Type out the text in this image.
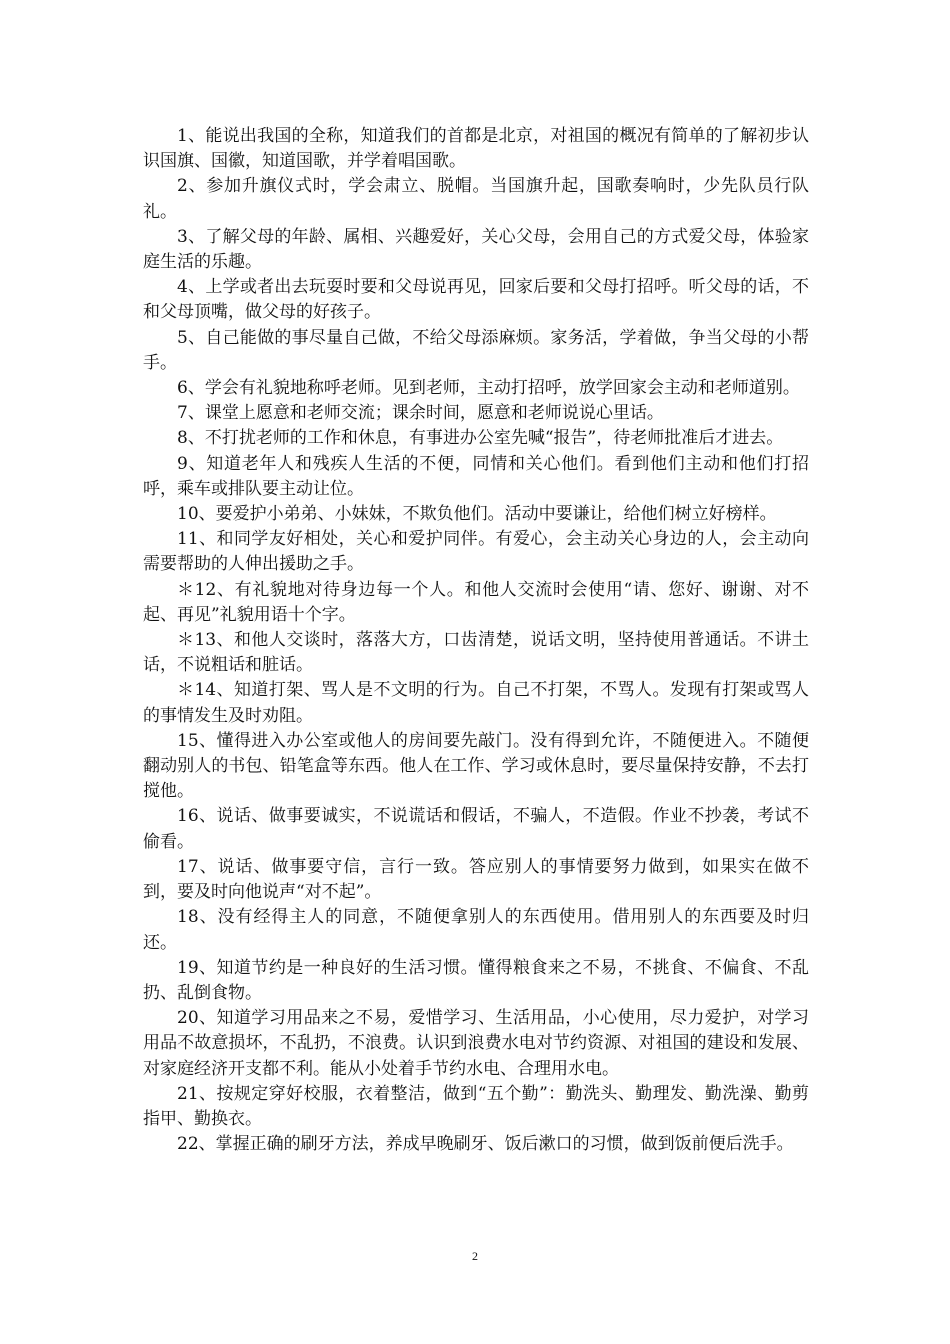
1、能说出我国的全称，知道我们的首都是北京，对祖国的概况有简单的了解初步认识国旗、国徽，知道国歌，并学着唱国歌。

2、参加升旗仪式时，学会肃立、脱帽。当国旗升起，国歌奏响时，少先队员行队礼。

3、了解父母的年龄、属相、兴趣爱好，关心父母，会用自己的方式爱父母，体验家庭生活的乐趣。

4、上学或者出去玩耍时要和父母说再见，回家后要和父母打招呼。听父母的话，不和父母顶嘴，做父母的好孩子。

5、自己能做的事尽量自己做，不给父母添麻烦。家务活，学着做，争当父母的小帮手。

6、学会有礼貌地称呼老师。见到老师，主动打招呼，放学回家会主动和老师道别。

7、课堂上愿意和老师交流；课余时间，愿意和老师说说心里话。

8、不打扰老师的工作和休息，有事进办公室先喊“报告”，待老师批准后才进去。

9、知道老年人和残疾人生活的不便，同情和关心他们。看到他们主动和他们打招呼，乘车或排队要主动让位。

10、要爱护小弟弟、小妹妹，不欺负他们。活动中要谦让，给他们树立好榜样。

11、和同学友好相处，关心和爱护同伴。有爱心，会主动关心身边的人，会主动向需要帮助的人伸出援助之手。

＊12、有礼貌地对待身边每一个人。和他人交流时会使用“请、您好、谢谢、对不起、再见”礼貌用语十个字。

＊13、和他人交谈时，落落大方，口齿清楚，说话文明，坚持使用普通话。不讲土话，不说粗话和脏话。

＊14、知道打架、骂人是不文明的行为。自己不打架，不骂人。发现有打架或骂人的事情发生及时劝阻。

15、懂得进入办公室或他人的房间要先敲门。没有得到允许，不随便进入。不随便翻动别人的书包、铅笔盒等东西。他人在工作、学习或休息时，要尽量保持安静，不去打搅他。

16、说话、做事要诚实，不说谎话和假话，不骗人，不造假。作业不抄袭，考试不偷看。

17、说话、做事要守信，言行一致。答应别人的事情要努力做到，如果实在做不到，要及时向他说声“对不起”。

18、没有经得主人的同意，不随便拿别人的东西使用。借用别人的东西要及时归还。

19、知道节约是一种良好的生活习惯。懂得粮食来之不易，不挑食、不偏食、不乱扔、乱倒食物。

20、知道学习用品来之不易，爱惜学习、生活用品，小心使用，尽力爱护，对学习用品不故意损坏，不乱扔，不浪费。认识到浪费水电对节约资源、对祖国的建设和发展、对家庭经济开支都不利。能从小处着手节约水电、合理用水电。

21、按规定穿好校服，衣着整洁，做到“五个勤”：勤洗头、勤理发、勤洗澡、勤剪指甲、勤换衣。

22、掌握正确的刷牙方法，养成早晚刷牙、饭后漱口的习惯，做到饭前便后洗手。

2
